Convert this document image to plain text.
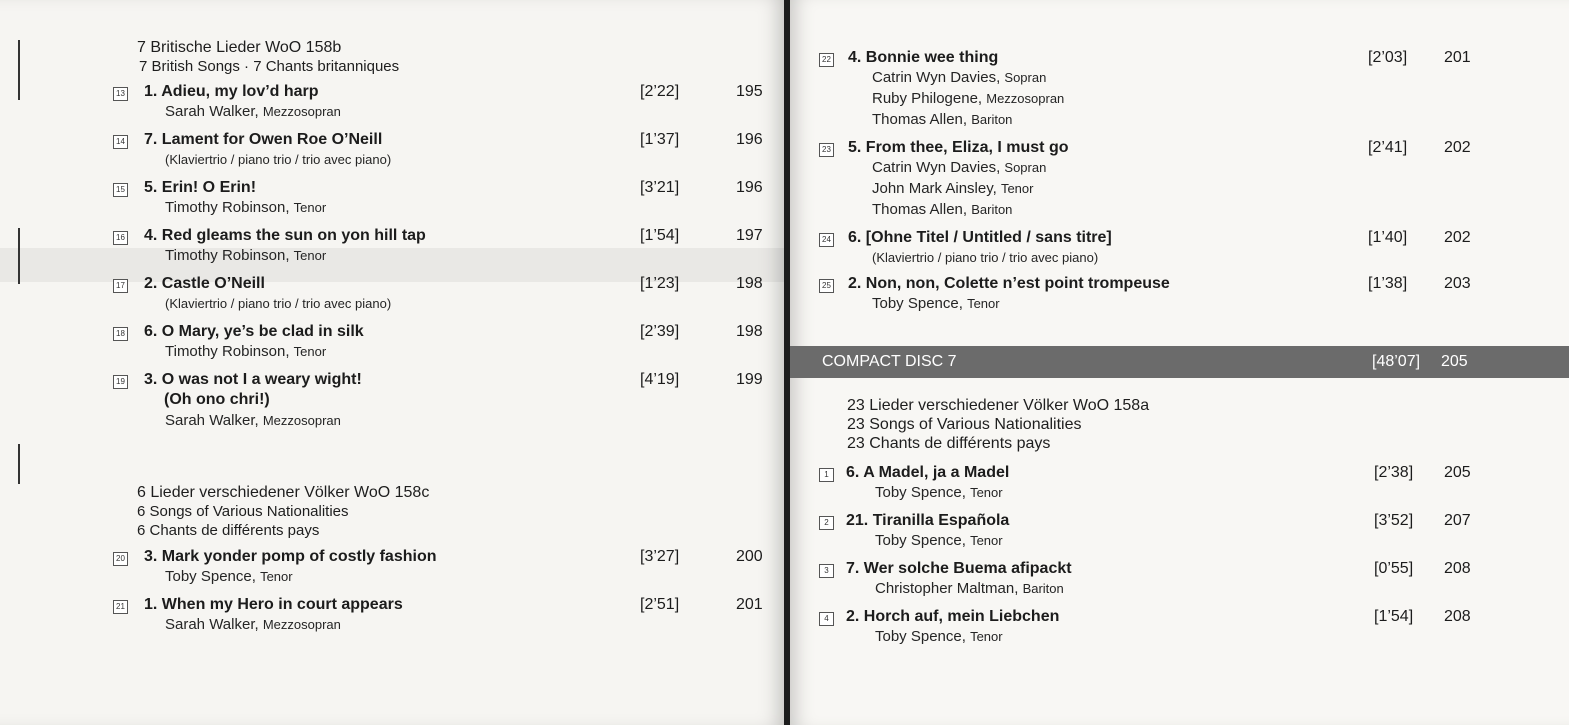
7 Britische Lieder WoO 158b
7 British Songs · 7 Chants britanniques
6 Lieder verschiedener Völker WoO 158c
6 Songs of Various Nationalities
6 Chants de différents pays
13 1. Adieu, my lov’d harp
Sarah Walker, Mezzosopran
[2’22]	195
14 7. Lament for Owen Roe O’Neill
(Klaviertrio / piano trio / trio avec piano)
[1’37]	196
15 5. Erin! O Erin!
Timothy Robinson, Tenor
[3’21]	196
16 4. Red gleams the sun on yon hill tap
Timothy Robinson, Tenor
[1’54]	197
17 2. Castle O’Neill
(Klaviertrio / piano trio / trio avec piano)
[1’23]	198
18 6. O Mary, ye’s be clad in silk
Timothy Robinson, Tenor
[2’39]	198
19 3. O was not I a weary wight!
(Oh ono chri!)
Sarah Walker, Mezzosopran
[4’19]	199
20 3. Mark yonder pomp of costly fashion
Toby Spence, Tenor
[3’27]	200
21 1. When my Hero in court appears
Sarah Walker, Mezzosopran
[2’51]	201
22 4. Bonnie wee thing
Catrin Wyn Davies, Sopran
Ruby Philogene, Mezzosopran
Thomas Allen, Bariton
[2’03] 201
23 5. From thee, Eliza, I must go
Catrin Wyn Davies, Sopran
John Mark Ainsley, Tenor
Thomas Allen, Bariton
[2’41] 202
24 6. [Ohne Titel / Untitled / sans titre]
(Klaviertrio / piano trio / trio avec piano)
[1’40] 202
25 2. Non, non, Colette n’est point trompeuse
Toby Spence, Tenor
[1’38] 203
COMPACT DISC 7	[48’07] 205
23 Lieder verschiedener Völker WoO 158a
23 Songs of Various Nationalities
23 Chants de différents pays
1	6. A Madel, ja a Madel
Toby Spence, Tenor
[2’38] 205
2	21. Tiranilla Española
Toby Spence, Tenor
[3’52] 207
3	7. Wer solche Buema afipackt
Christopher Maltman, Bariton
[0’55] 208
4	2. Horch auf, mein Liebchen
Toby Spence, Tenor
[1’54] 208
